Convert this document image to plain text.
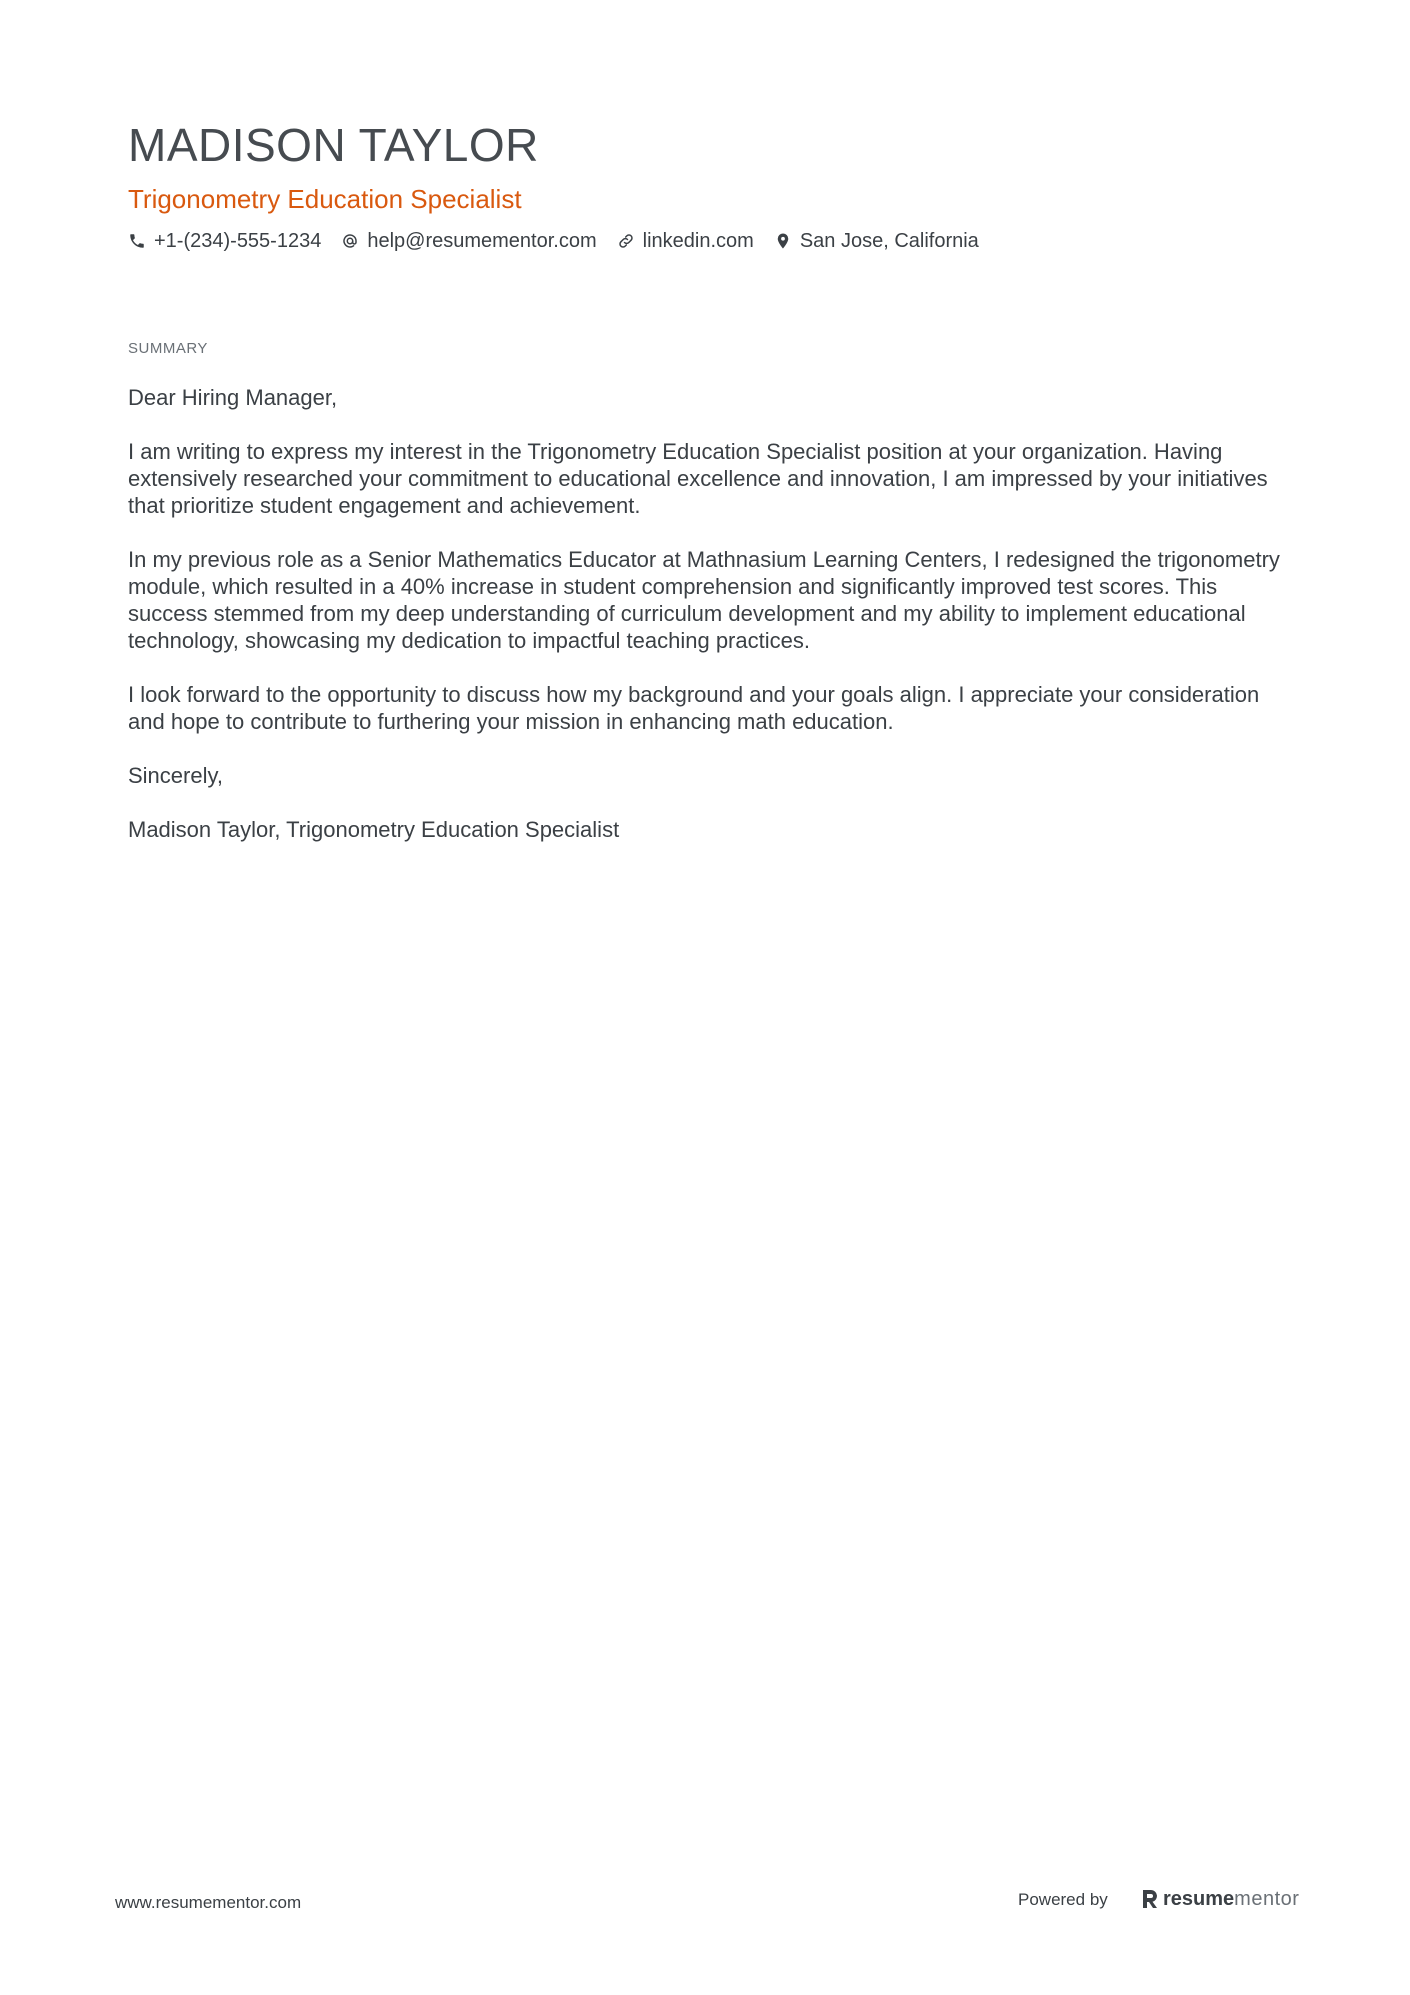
MADISON TAYLOR
Trigonometry Education Specialist
+1-(234)-555-1234 help@resumementor.com linkedin.com San Jose, California
SUMMARY

Dear Hiring Manager,

I am writing to express my interest in the Trigonometry Education Specialist position at your organization. Having extensively researched your commitment to educational excellence and innovation, I am impressed by your initiatives that prioritize student engagement and achievement.

In my previous role as a Senior Mathematics Educator at Mathnasium Learning Centers, I redesigned the trigonometry module, which resulted in a 40% increase in student comprehension and significantly improved test scores. This success stemmed from my deep understanding of curriculum development and my ability to implement educational technology, showcasing my dedication to impactful teaching practices.

I look forward to the opportunity to discuss how my background and your goals align. I appreciate your consideration and hope to contribute to furthering your mission in enhancing math education.

Sincerely,

Madison Taylor, Trigonometry Education Specialist

www.resumementor.com	Powered by	resume mentor
